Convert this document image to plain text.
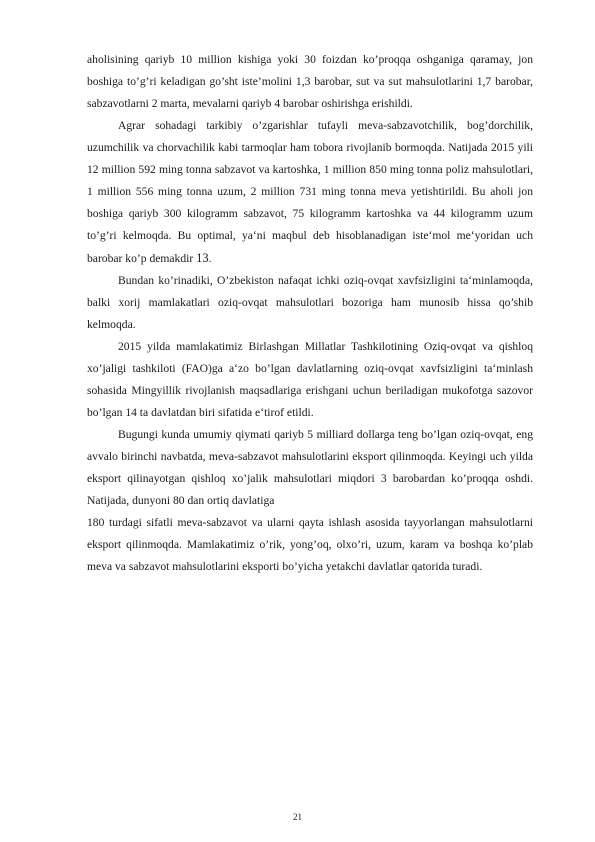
aholisining qariyb 10 million kishiga yoki 30 foizdan ko’proqqa oshganiga qaramay, jon boshiga to’g’ri keladigan go’sht iste’molini 1,3 barobar, sut va sut mahsulotlarini 1,7 barobar, sabzavotlarni 2 marta, mevalarni qariyb 4 barobar oshirishga erishildi.

Agrar sohadagi tarkibiy o’zgarishlar tufayli meva-sabzavotchilik, bog’dorchilik, uzumchilik va chorvachilik kabi tarmoqlar ham tobora rivojlanib bormoqda. Natijada 2015 yili 12 million 592 ming tonna sabzavot va kartoshka, 1 million 850 ming tonna poliz mahsulotlari, 1 million 556 ming tonna uzum, 2 million 731 ming tonna meva yetishtirildi. Bu aholi jon boshiga qariyb 300 kilogramm sabzavot, 75 kilogramm kartoshka va 44 kilogramm uzum to’g’ri kelmoqda. Bu optimal, ya‘ni maqbul deb hisoblanadigan iste‘mol me‘yoridan uch barobar ko’p demakdir 13.

Bundan ko’rinadiki, O’zbekiston nafaqat ichki oziq-ovqat xavfsizligini ta‘minlamoqda, balki xorij mamlakatlari oziq-ovqat mahsulotlari bozoriga ham munosib hissa qo’shib kelmoqda.

2015 yilda mamlakatimiz Birlashgan Millatlar Tashkilotining Oziq-ovqat va qishloq xo’jaligi tashkiloti (FAO)ga a‘zo bo’lgan davlatlarning oziq-ovqat xavfsizligini ta‘minlash sohasida Mingyillik rivojlanish maqsadlariga erishgani uchun beriladigan mukofotga sazovor bo’lgan 14 ta davlatdan biri sifatida e‘tirof etildi.

Bugungi kunda umumiy qiymati qariyb 5 milliard dollarga teng bo’lgan oziq-ovqat, eng avvalo birinchi navbatda, meva-sabzavot mahsulotlarini eksport qilinmoqda. Keyingi uch yilda eksport qilinayotgan qishloq xo’jalik mahsulotlari miqdori 3 barobardan ko’proqqa oshdi. Natijada, dunyoni 80 dan ortiq davlatiga

180 turdagi sifatli meva-sabzavot va ularni qayta ishlash asosida tayyorlangan mahsulotlarni eksport qilinmoqda. Mamlakatimiz o’rik, yong’oq, olxo’ri, uzum, karam va boshqa ko’plab meva va sabzavot mahsulotlarini eksporti bo’yicha yetakchi davlatlar qatorida turadi.

21
